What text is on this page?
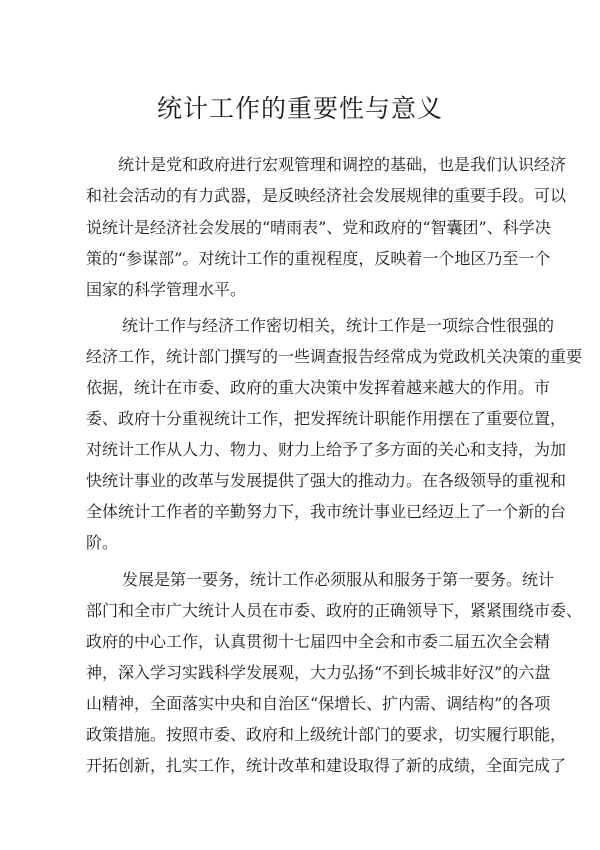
统计工作的重要性与意义

统计是党和政府进行宏观管理和调控的基础，也是我们认识经济

和社会活动的有力武器，是反映经济社会发展规律的重要手段。可以

说统计是经济社会发展的“晴雨表”、党和政府的“智囊团”、科学决

策的“参谋部”。对统计工作的重视程度，反映着一个地区乃至一个

国家的科学管理水平。

统计工作与经济工作密切相关，统计工作是一项综合性很强的

经济工作，统计部门撰写的一些调查报告经常成为党政机关决策的重要

依据，统计在市委、政府的重大决策中发挥着越来越大的作用。市

委、政府十分重视统计工作，把发挥统计职能作用摆在了重要位置，

对统计工作从人力、物力、财力上给予了多方面的关心和支持，为加

快统计事业的改革与发展提供了强大的推动力。在各级领导的重视和

全体统计工作者的辛勤努力下，我市统计事业已经迈上了一个新的台

阶。

发展是第一要务，统计工作必须服从和服务于第一要务。统计

部门和全市广大统计人员在市委、政府的正确领导下，紧紧围绕市委、

政府的中心工作，认真贯彻十七届四中全会和市委二届五次全会精

神，深入学习实践科学发展观，大力弘扬“不到长城非好汉”的六盘

山精神，全面落实中央和自治区“保增长、扩内需、调结构”的各项

政策措施。按照市委、政府和上级统计部门的要求，切实履行职能，

开拓创新，扎实工作，统计改革和建设取得了新的成绩，全面完成了
